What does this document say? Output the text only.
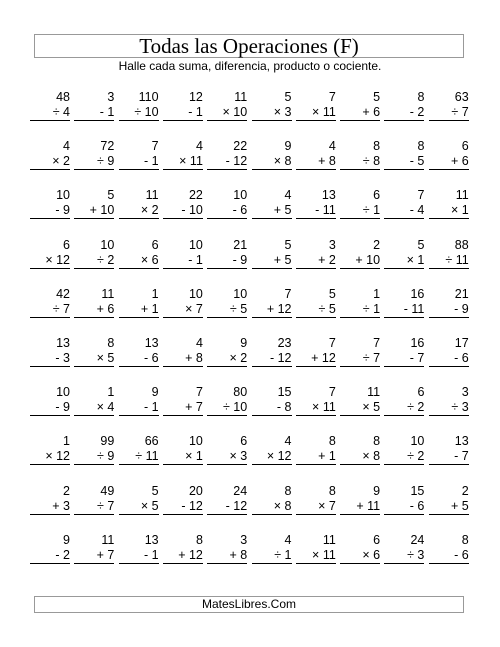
Todas las Operaciones (F)
Halle cada suma, diferencia, producto o cociente.
48
÷ 4
3
- 1
110
÷ 10
12
- 1
11
× 10
5
× 3
7
× 11
5
+ 6
8
- 2
63
÷ 7
4
× 2
72
÷ 9
7
- 1
4
× 11
22
- 12
9
× 8
4
+ 8
8
÷ 8
8
- 5
6
+ 6
10
- 9
5
+ 10
11
× 2
22
- 10
10
- 6
4
+ 5
13
- 11
6
÷ 1
7
- 4
11
× 1
6
× 12
10
÷ 2
6
× 6
10
- 1
21
- 9
5
+ 5
3
+ 2
2
+ 10
5
× 1
88
÷ 11
42
÷ 7
11
+ 6
1
+ 1
10
× 7
10
÷ 5
7
+ 12
5
÷ 5
1
÷ 1
16
- 11
21
- 9
13
- 3
8
× 5
13
- 6
4
+ 8
9
× 2
23
- 12
7
+ 12
7
÷ 7
16
- 7
17
- 6
10
- 9
1
× 4
9
- 1
7
+ 7
80
÷ 10
15
- 8
7
× 11
11
× 5
6
÷ 2
3
÷ 3
1
× 12
99
÷ 9
66
÷ 11
10
× 1
6
× 3
4
× 12
8
+ 1
8
× 8
10
÷ 2
13
- 7
2
+ 3
49
÷ 7
5
× 5
20
- 12
24
- 12
8
× 8
8
× 7
9
+ 11
15
- 6
2
+ 5
9
- 2
11
+ 7
13
- 1
8
+ 12
3
+ 8
4
÷ 1
11
× 11
6
× 6
24
÷ 3
8
- 6
MatesLibres.Com
